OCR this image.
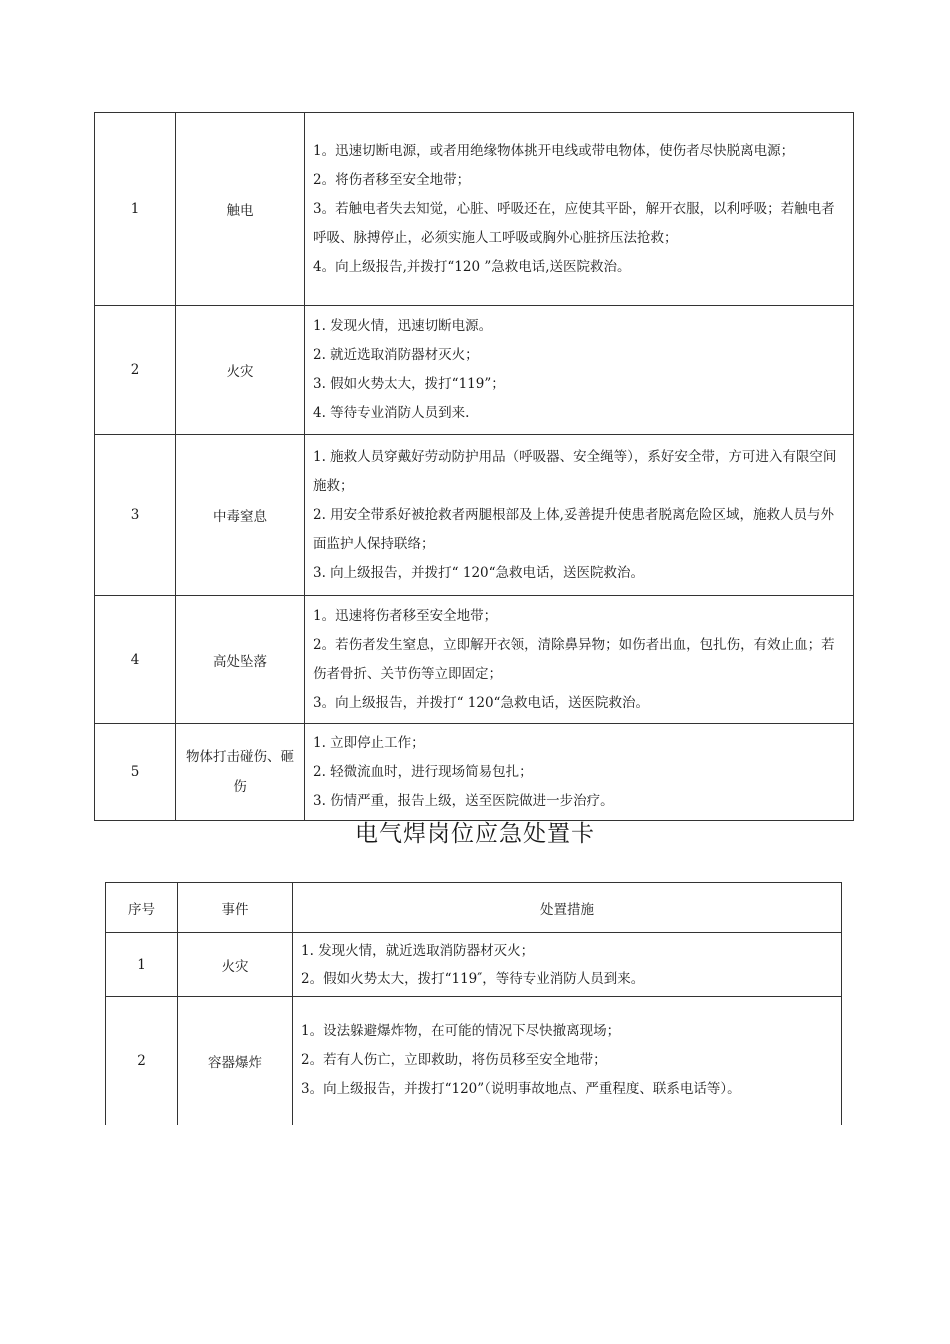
1	触电	1。迅速切断电源，或者用绝缘物体挑开电线或带电物体，使伤者尽快脱离电源；
2。将伤者移至安全地带；
3。若触电者失去知觉，心脏、呼吸还在，应使其平卧，解开衣服，以利呼吸；若触电者呼吸、脉搏停止，必须实施人工呼吸或胸外心脏挤压法抢救；
4。向上级报告,并拨打“120 ”急救电话,送医院救治。

2	火灾	1. 发现火情，迅速切断电源。
2. 就近选取消防器材灭火；
3. 假如火势太大，拨打“119”；
4. 等待专业消防人员到来.

3	中毒窒息	1. 施救人员穿戴好劳动防护用品（呼吸器、安全绳等），系好安全带，方可进入有限空间施救；
2. 用安全带系好被抢救者两腿根部及上体,妥善提升使患者脱离危险区域，施救人员与外面监护人保持联络；
3. 向上级报告，并拨打“ 120“急救电话，送医院救治。

4	高处坠落	1。迅速将伤者移至安全地带；
2。若伤者发生窒息，立即解开衣领，清除鼻异物；如伤者出血，包扎伤，有效止血；若伤者骨折、关节伤等立即固定；
3。向上级报告，并拨打“ 120“急救电话，送医院救治。

5	物体打击碰伤、砸伤	1. 立即停止工作；
2. 轻微流血时，进行现场简易包扎；
3. 伤情严重，报告上级，送至医院做进一步治疗。
电气焊岗位应急处置卡
序号	事件	处置措施
1	火灾	1. 发现火情，就近选取消防器材灭火；
2。假如火势太大，拨打“119″，等待专业消防人员到来。

2	容器爆炸	1。设法躲避爆炸物，在可能的情况下尽快撤离现场；
2。若有人伤亡，立即救助，将伤员移至安全地带；
3。向上级报告，并拨打“120”（说明事故地点、严重程度、联系电话等）。
